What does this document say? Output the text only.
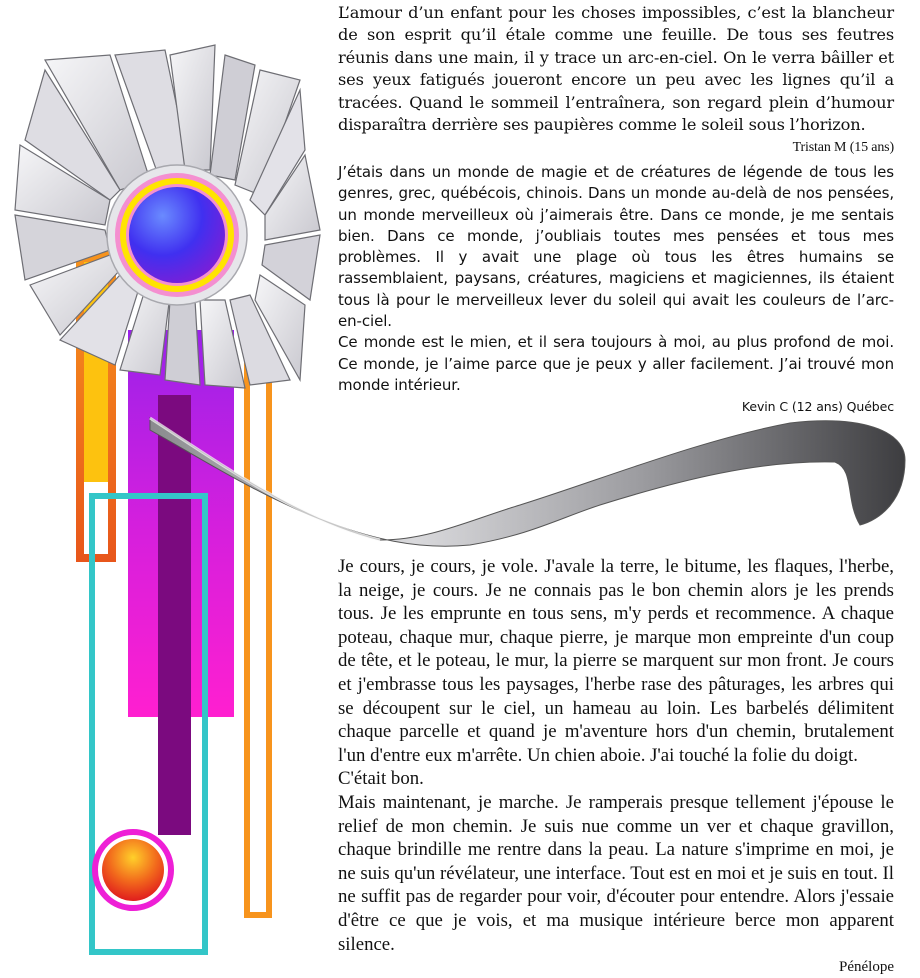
L’amour d’un enfant pour les choses impossibles, c’est la blancheur de son esprit qu’il étale comme une feuille. De tous ses feutres réunis dans une main, il y trace un arc-en-ciel. On le verra bâiller et ses yeux fatigués joueront encore un peu avec les lignes qu’il a tracées. Quand le sommeil l’entraînera, son regard plein d’humour disparaîtra derrière ses paupières comme le soleil sous l’horizon.

Tristan M (15 ans)

J’étais dans un monde de magie et de créatures de légende de tous les genres, grec, québécois, chinois. Dans un monde au-delà de nos pensées, un monde merveilleux où j’aimerais être. Dans ce monde, je me sentais bien. Dans ce monde, j’oubliais toutes mes pensées et tous mes problèmes. Il y avait une plage où tous les êtres humains se rassemblaient, paysans, créatures, magiciens et magiciennes, ils étaient tous là pour le merveilleux lever du soleil qui avait les couleurs de l’arc-en-ciel.

Ce monde est le mien, et il sera toujours à moi, au plus profond de moi. Ce monde, je l’aime parce que je peux y aller facilement. J’ai trouvé mon monde intérieur.

Kevin C (12 ans) Québec

Je cours, je cours, je vole. J'avale la terre, le bitume, les flaques, l'herbe, la neige, je cours. Je ne connais pas le bon chemin alors je les prends tous. Je les emprunte en tous sens, m'y perds et recommence. A chaque poteau, chaque mur, chaque pierre, je marque mon empreinte d'un coup de tête, et le poteau, le mur, la pierre se marquent sur mon front. Je cours et j'embrasse tous les paysages, l'herbe rase des pâturages, les arbres qui se découpent sur le ciel, un hameau au loin. Les barbelés délimitent chaque parcelle et quand je m'aventure hors d'un chemin, brutalement l'un d'entre eux m'arrête. Un chien aboie. J'ai touché la folie du doigt.

C'était bon.

Mais maintenant, je marche. Je ramperais presque tellement j'épouse le relief de mon chemin. Je suis nue comme un ver et chaque gravillon, chaque brindille me rentre dans la peau. La nature s'imprime en moi, je ne suis qu'un révélateur, une interface. Tout est en moi et je suis en tout. Il ne suffit pas de regarder pour voir, d'écouter pour entendre. Alors j'essaie d'être ce que je vois, et ma musique intérieure berce mon apparent silence.

Pénélope
